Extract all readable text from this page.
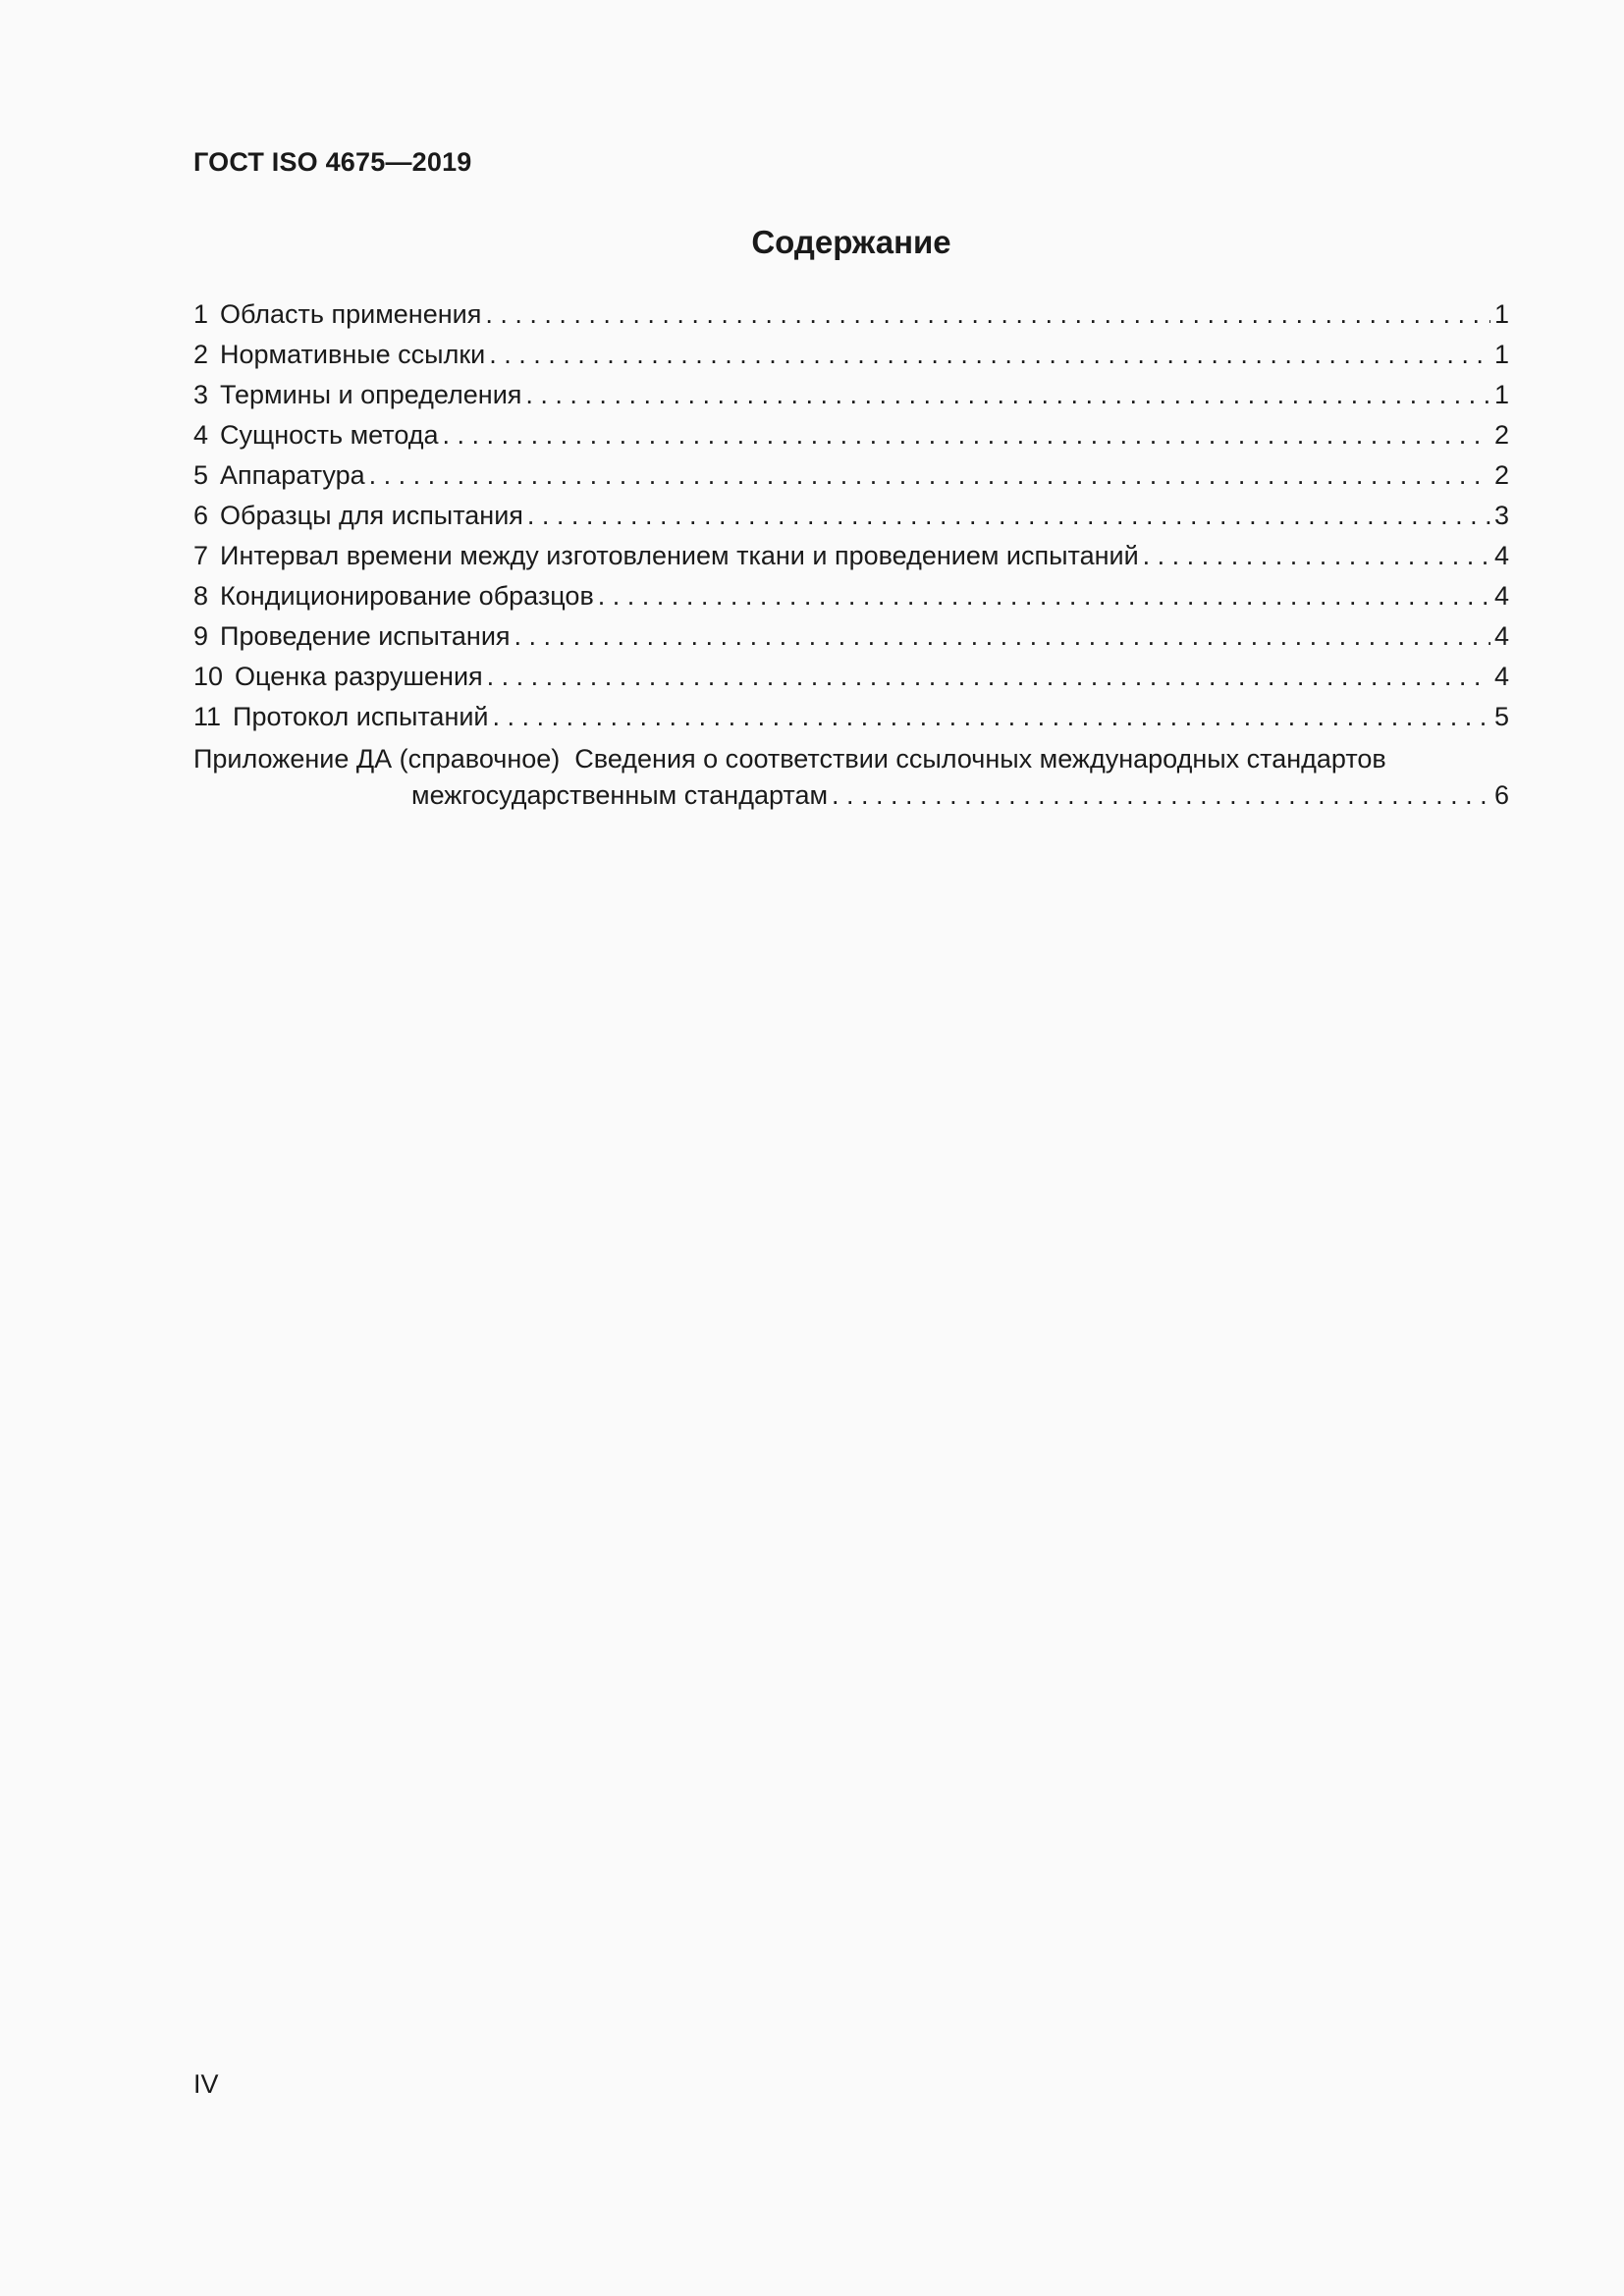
ГОСТ ISO 4675—2019
Содержание
1 Область применения . . .	1
2 Нормативные ссылки . . .	1
3 Термины и определения . . .	1
4 Сущность метода . . .	2
5 Аппаратура . . .	2
6 Образцы для испытания . . .	3
7 Интервал времени между изготовлением ткани и проведением испытаний . . .	4
8 Кондиционирование образцов . . .	4
9 Проведение испытания . . .	4
10 Оценка разрушения . . .	4
11 Протокол испытаний . . .	5
Приложение ДА (справочное) Сведения о соответствии ссылочных международных стандартов
межгосударственным стандартам . . .	6
IV
